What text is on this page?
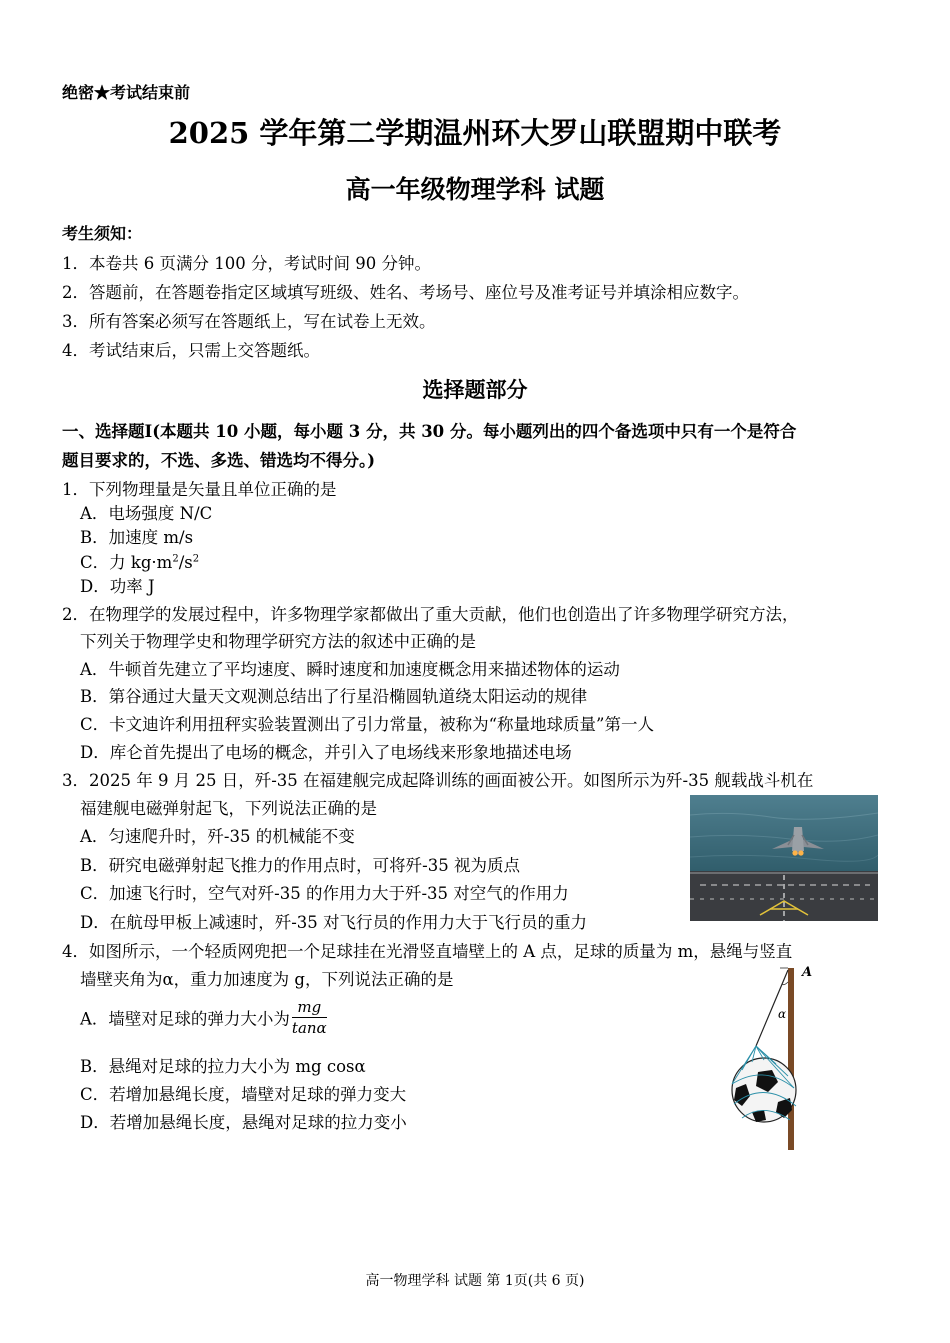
绝密★考试结束前
2025 学年第二学期温州环大罗山联盟期中联考
高一年级物理学科 试题
考生须知：
1．本卷共 6 页满分 100 分，考试时间 90 分钟。
2．答题前，在答题卷指定区域填写班级、姓名、考场号、座位号及准考证号并填涂相应数字。
3．所有答案必须写在答题纸上，写在试卷上无效。
4．考试结束后，只需上交答题纸。
选择题部分
一、选择题Ⅰ(本题共 10 小题，每小题 3 分，共 30 分。每小题列出的四个备选项中只有一个是符合
题目要求的，不选、多选、错选均不得分。)
1．下列物理量是矢量且单位正确的是
A．电场强度 N/C
B．加速度 m/s
C．力 $kg\cdot m^2/s^2$
D．功率 J
2．在物理学的发展过程中，许多物理学家都做出了重大贡献，他们也创造出了许多物理学研究方法，
下列关于物理学史和物理学研究方法的叙述中正确的是
A．牛顿首先建立了平均速度、瞬时速度和加速度概念用来描述物体的运动
B．第谷通过大量天文观测总结出了行星沿椭圆轨道绕太阳运动的规律
C．卡文迪许利用扭秤实验装置测出了引力常量，被称为“称量地球质量”第一人
D．库仑首先提出了电场的概念，并引入了电场线来形象地描述电场
3．2025 年 9 月 25 日，歼-35 在福建舰完成起降训练的画面被公开。如图所示为歼-35 舰载战斗机在
福建舰电磁弹射起飞，下列说法正确的是
A．匀速爬升时，歼-35 的机械能不变
B．研究电磁弹射起飞推力的作用点时，可将歼-35 视为质点
C．加速飞行时，空气对歼-35 的作用力大于歼-35 对空气的作用力
D．在航母甲板上减速时，歼-35 对飞行员的作用力大于飞行员的重力
4．如图所示，一个轻质网兜把一个足球挂在光滑竖直墙壁上的 A 点，足球的质量为 m，悬绳与竖直
墙壁夹角为α，重力加速度为 g，下列说法正确的是
A．墙壁对足球的弹力大小为 $\frac{mg}{\tan\alpha}$
B．悬绳对足球的拉力大小为 mg cosα
C．若增加悬绳长度，墙壁对足球的弹力变大
D．若增加悬绳长度，悬绳对足球的拉力变小
A
α
高一物理学科 试题 第 1页(共 6 页)
